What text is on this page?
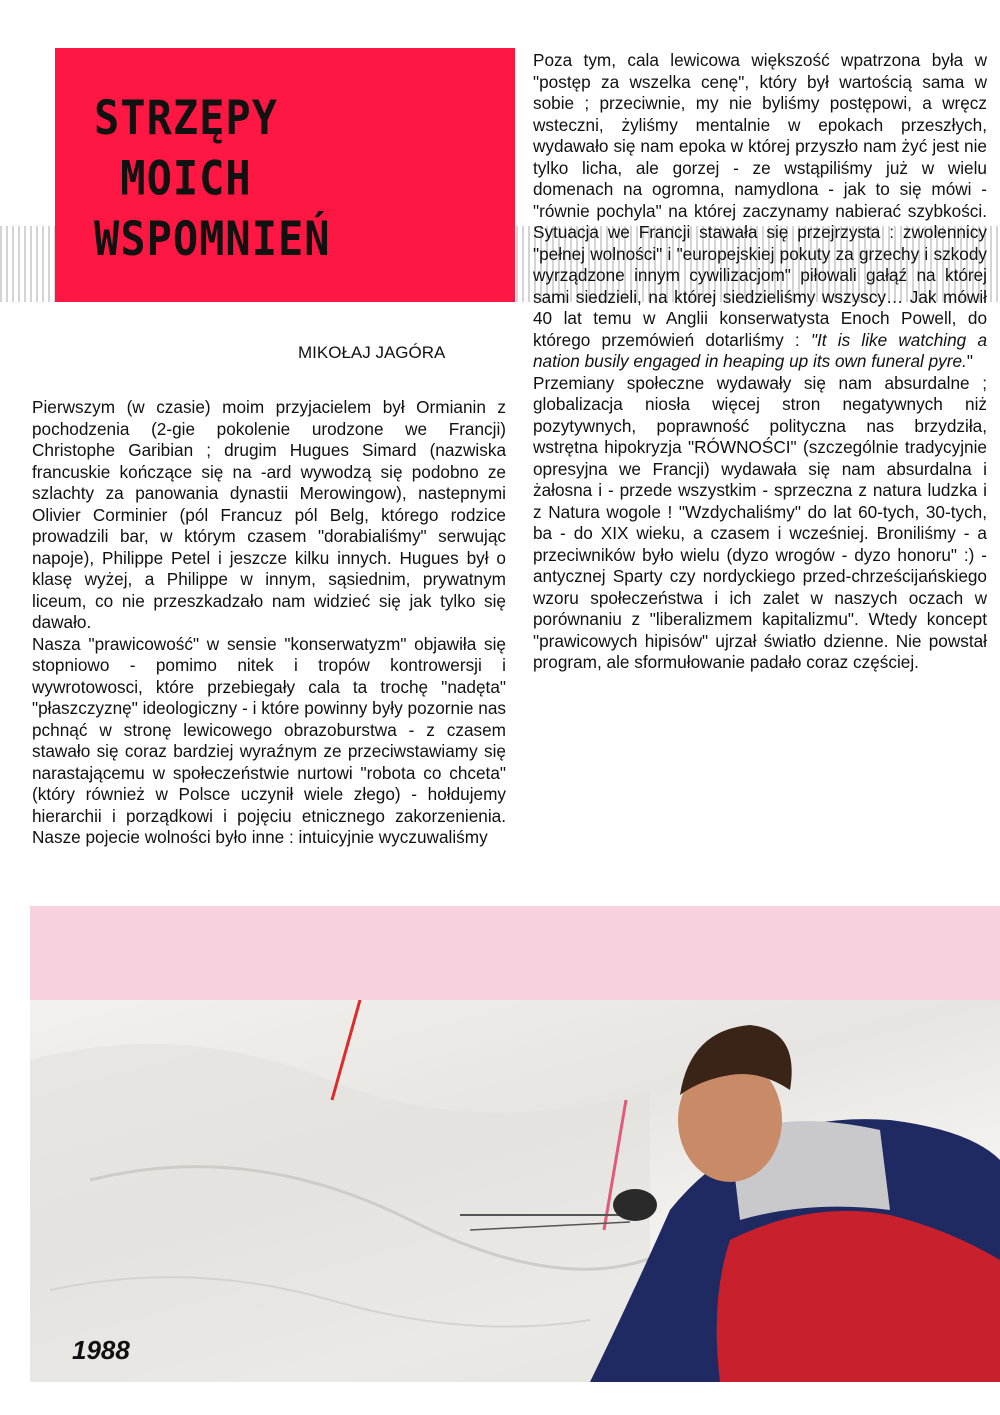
STRZĘPY
MOICH
WSPOMNIEŃ
MIKOŁAJ JAGÓRA

Pierwszym (w czasie) moim przyjacielem był Ormianin z pochodzenia (2-gie pokolenie urodzone we Francji) Christophe Garibian ; drugim Hugues Simard (nazwiska francuskie kończące się na -ard wywodzą się podobno ze szlachty za panowania dynastii Merowingow), nastepnymi Olivier Corminier (pól Francuz pól Belg, którego rodzice prowadzili bar, w którym czasem "dorabialiśmy" serwując napoje), Philippe Petel i jeszcze kilku innych. Hugues był o klasę wyżej, a Philippe w innym, sąsiednim, prywatnym liceum, co nie przeszkadzało nam widzieć się jak tylko się dawało.

Nasza "prawicowość" w sensie "konserwatyzm" objawiła się stopniowo - pomimo nitek i tropów kontrowersji i wywrotowosci, które przebiegały cala ta trochę "nadęta" "płaszczyznę" ideologiczny - i które powinny były pozornie nas pchnąć w stronę lewicowego obrazoburstwa - z czasem stawało się coraz bardziej wyraźnym ze przeciwstawiamy się narastającemu w społeczeństwie nurtowi "robota co chceta" (który również w Polsce uczynił wiele złego) - hołdujemy hierarchii i porządkowi i pojęciu etnicznego zakorzenienia. Nasze pojecie wolności było inne : intuicyjnie wyczuwaliśmy

Poza tym, cala lewicowa większość wpatrzona była w "postęp za wszelka cenę", który był wartością sama w sobie ; przeciwnie, my nie byliśmy postępowi, a wręcz wsteczni, żyliśmy mentalnie w epokach przeszłych, wydawało się nam epoka w której przyszło nam żyć jest nie tylko licha, ale gorzej - ze wstąpiliśmy już w wielu domenach na ogromna, namydlona - jak to się mówi - "równie pochyla" na której zaczynamy nabierać szybkości. Sytuacja we Francji stawała się przejrzysta : zwolennicy "pełnej wolności" i "europejskiej pokuty za grzechy i szkody wyrządzone innym cywilizacjom" piłowali gałąź na której sami siedzieli, na której siedzieliśmy wszyscy… Jak mówił 40 lat temu w Anglii konserwatysta Enoch Powell, do którego przemówień dotarliśmy : "It is like watching a nation busily engaged in heaping up its own funeral pyre."

Przemiany społeczne wydawały się nam absurdalne ; globalizacja niosła więcej stron negatywnych niż pozytywnych, poprawność polityczna nas brzydziła, wstrętna hipokryzja "RÓWNOŚCI" (szczególnie tradycyjnie opresyjna we Francji) wydawała się nam absurdalna i żałosna i - przede wszystkim - sprzeczna z natura ludzka i z Natura wogole ! "Wzdychaliśmy" do lat 60-tych, 30-tych, ba - do XIX wieku, a czasem i wcześniej. Broniliśmy - a przeciwników było wielu (dyzo wrogów - dyzo honoru" :) - antycznej Sparty czy nordyckiego przed-chrześcijańskiego wzoru społeczeństwa i ich zalet w naszych oczach w porównaniu z "liberalizmem kapitalizmu". Wtedy koncept "prawicowych hipisów" ujrzał światło dzienne. Nie powstał program, ale sformułowanie padało coraz częściej.

1988
